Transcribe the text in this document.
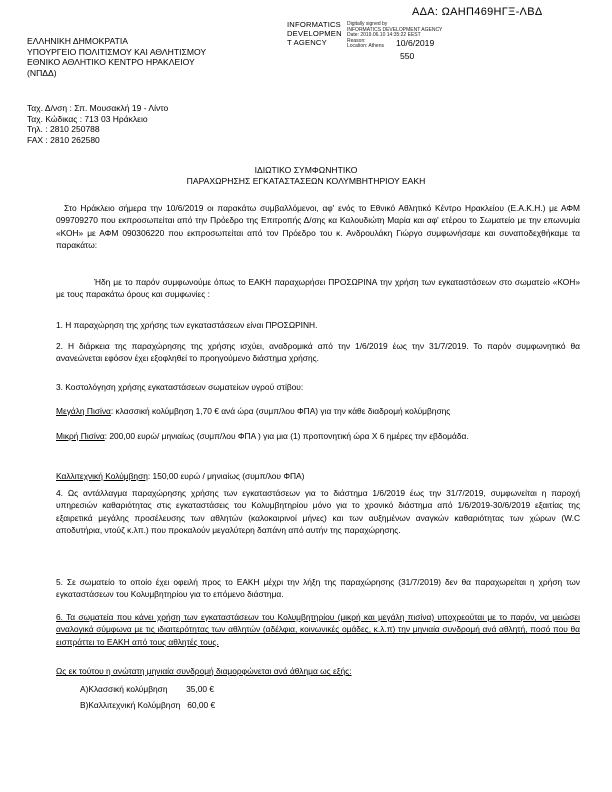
ΑΔΑ: ΩΑΗΠ469ΗΓΞ-ΛΒΔ
ΕΛΛΗΝΙΚΗ ΔΗΜΟΚΡΑΤΙΑ
ΥΠΟΥΡΓΕΙΟ ΠΟΛΙΤΙΣΜΟΥ ΚΑΙ ΑΘΛΗΤΙΣΜΟΥ
ΕΘΝΙΚΟ ΑΘΛΗΤΙΚΟ ΚΕΝΤΡΟ ΗΡΑΚΛΕΙΟΥ
(ΝΠΔΔ)
INFORMATICS
DEVELOPMEN
T AGENCY
Digitally signed by
INFORMATICS DEVELOPMENT AGENCY
Date: 2019.06.10 14:35:22 EEST
Reason:
Location: Athens	10/6/2019
550
Ταχ. Δ/νση : Σπ. Μουσακλή 19 - Λίντο
Ταχ. Κώδικας : 713 03 Ηράκλειο
Τηλ. : 2810 250788
FAX : 2810 262580
ΙΔΙΩΤΙΚΟ ΣΥΜΦΩΝΗΤΙΚΟ
ΠΑΡΑΧΩΡΗΣΗΣ ΕΓΚΑΤΑΣΤΑΣΕΩΝ ΚΟΛΥΜΒΗΤΗΡΙΟΥ ΕΑΚΗ
Στο Ηράκλειο σήμερα την 10/6/2019 οι παρακάτω συμβαλλόμενοι, αφ' ενός το Εθνικό Αθλητικό Κέντρο Ηρακλείου (Ε.Α.Κ.Η.) με ΑΦΜ 099709270 που εκπροσωπείται από την Πρόεδρο της Επιτροπής Δ/σης κα Καλουδιώτη Μαρία και αφ' ετέρου το Σωματείο με την επωνυμία «ΚΟΗ» με ΑΦΜ 090306220 που εκπροσωπείται από τον Πρόεδρο του κ. Ανδρουλάκη Γιώργο συμφωνήσαμε και συναποδεχθήκαμε τα παρακάτω:
Ήδη με το παρόν συμφωνούμε όπως το ΕΑΚΗ παραχωρήσει ΠΡΟΣΩΡΙΝΑ την χρήση των εγκαταστάσεων στο σωματείο «ΚΟΗ» με τους παρακάτω όρους και συμφωνίες :
1. Η παραχώρηση της χρήσης των εγκαταστάσεων είναι ΠΡΟΣΩΡΙΝΗ.
2. Η διάρκεια της παραχώρησης της χρήσης ισχύει, αναδρομικά από την 1/6/2019 έως την 31/7/2019. Το παρόν συμφωνητικό θα ανανεώνεται εφόσον έχει εξοφληθεί το προηγούμενο διάστημα χρήσης.
3. Κοστολόγηση χρήσης εγκαταστάσεων σωματείων υγρού στίβου:
Μεγάλη Πισίνα: κλασσική κολύμβηση 1,70 € ανά ώρα (συμπ/λου ΦΠΑ) για την κάθε διαδρομή κολύμβησης
Μικρή Πισίνα: 200,00 ευρώ/ μηνιαίως (συμπ/λου ΦΠΑ ) για μια (1) προπονητική ώρα Χ 6 ημέρες την εβδομάδα.
Καλλιτεχνική Κολύμβηση: 150,00 ευρώ / μηνιαίως (συμπ/λου ΦΠΑ)
4. Ως αντάλλαγμα παραχώρησης χρήσης των εγκαταστάσεων για το διάστημα 1/6/2019 έως την 31/7/2019, συμφωνείται η παροχή υπηρεσιών καθαριότητας στις εγκαταστάσεις του Κολυμβητηρίου μόνο για το χρονικό διάστημα από 1/6/2019-30/6/2019 εξαιτίας της εξαιρετικά μεγάλης προσέλευσης των αθλητών (καλοκαιρινοί μήνες) και των αυξημένων αναγκών καθαριότητας των χώρων (W.C αποδυτήρια, ντούζ κ.λπ.) που προκαλούν μεγαλύτερη δαπάνη από αυτήν της παραχώρησης.
5. Σε σωματείο το οποίο έχει οφειλή προς το ΕΑΚΗ μέχρι την λήξη της παραχώρησης (31/7/2019) δεν θα παραχωρείται η χρήση των εγκαταστάσεων του Κολυμβητηρίου για το επόμενο διάστημα.
6. Τα σωματεία που κάνει χρήση των εγκαταστάσεων του Κολυμβητηρίου (μικρή και μεγάλη πισίνα) υποχρεούται με το παρόν, να μειώσει αναλογικά σύμφωνα με τις ιδιαιτερότητας των αθλητών (αδέλφια, κοινωνικές ομάδες, κ.λ.π) την μηνιαία συνδρομή ανά αθλητή, ποσό που θα εισπράττει το ΕΑΚΗ από τους αθλητές τους.
Ως εκ τούτου η ανώτατη μηνιαία συνδρομή διαμορφώνεται ανά άθλημα ως εξής:
Α)Κλασσική κολύμβηση        35,00 €
Β)Καλλιτεχνική Κολύμβηση   60,00 €
